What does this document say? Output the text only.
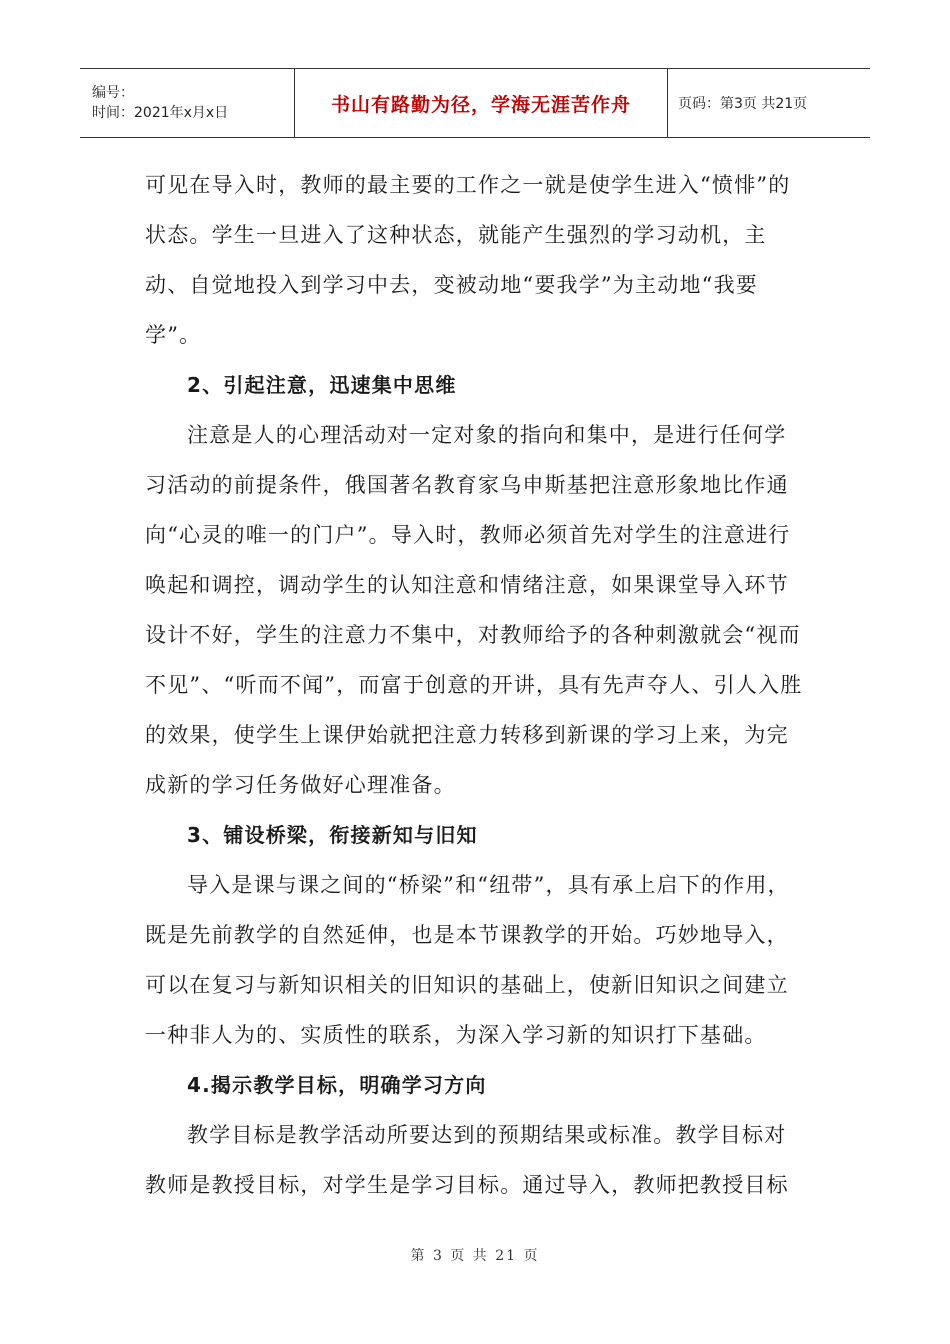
编号：
时间：2021年x月x日	书山有路勤为径，学海无涯苦作舟	页码：第3页 共21页

可见在导入时，教师的最主要的工作之一就是使学生进入“愤悱”的状态。学生一旦进入了这种状态，就能产生强烈的学习动机，主动、自觉地投入到学习中去，变被动地“要我学”为主动地“我要学”。

2、引起注意，迅速集中思维

注意是人的心理活动对一定对象的指向和集中，是进行任何学习活动的前提条件，俄国著名教育家乌申斯基把注意形象地比作通向“心灵的唯一的门户”。导入时，教师必须首先对学生的注意进行唤起和调控，调动学生的认知注意和情绪注意，如果课堂导入环节设计不好，学生的注意力不集中，对教师给予的各种刺激就会“视而不见”、“听而不闻”，而富于创意的开讲，具有先声夺人、引人入胜的效果，使学生上课伊始就把注意力转移到新课的学习上来，为完成新的学习任务做好心理准备。

3、铺设桥梁，衔接新知与旧知

导入是课与课之间的“桥梁”和“纽带”，具有承上启下的作用，既是先前教学的自然延伸，也是本节课教学的开始。巧妙地导入，可以在复习与新知识相关的旧知识的基础上，使新旧知识之间建立一种非人为的、实质性的联系，为深入学习新的知识打下基础。

4.揭示教学目标，明确学习方向

教学目标是教学活动所要达到的预期结果或标准。教学目标对教师是教授目标，对学生是学习目标。通过导入，教师把教授目标

第 3 页 共 21 页
